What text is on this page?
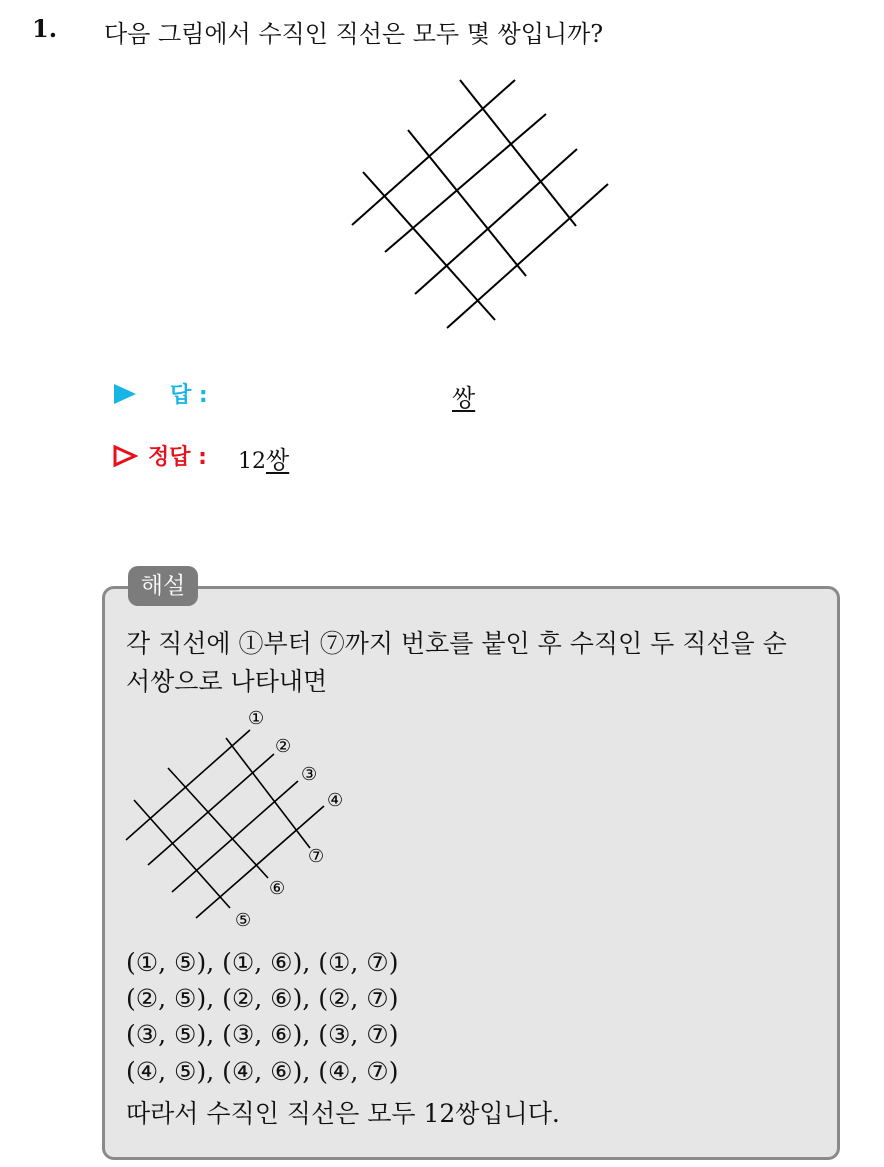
1. 다음 그림에서 수직인 직선은 모두 몇 쌍입니까?
답 :	쌍
정답 : 12쌍
해설
각 직선에 ①부터 ⑦까지 번호를 붙인 후 수직인 두 직선을 순
서쌍으로 나타내면
①
②
③
④
⑤
⑥
⑦
(①, ⑤), (①, ⑥), (①, ⑦)
(②, ⑤), (②, ⑥), (②, ⑦)
(③, ⑤), (③, ⑥), (③, ⑦)
(④, ⑤), (④, ⑥), (④, ⑦)
따라서 수직인 직선은 모두 12쌍입니다.
